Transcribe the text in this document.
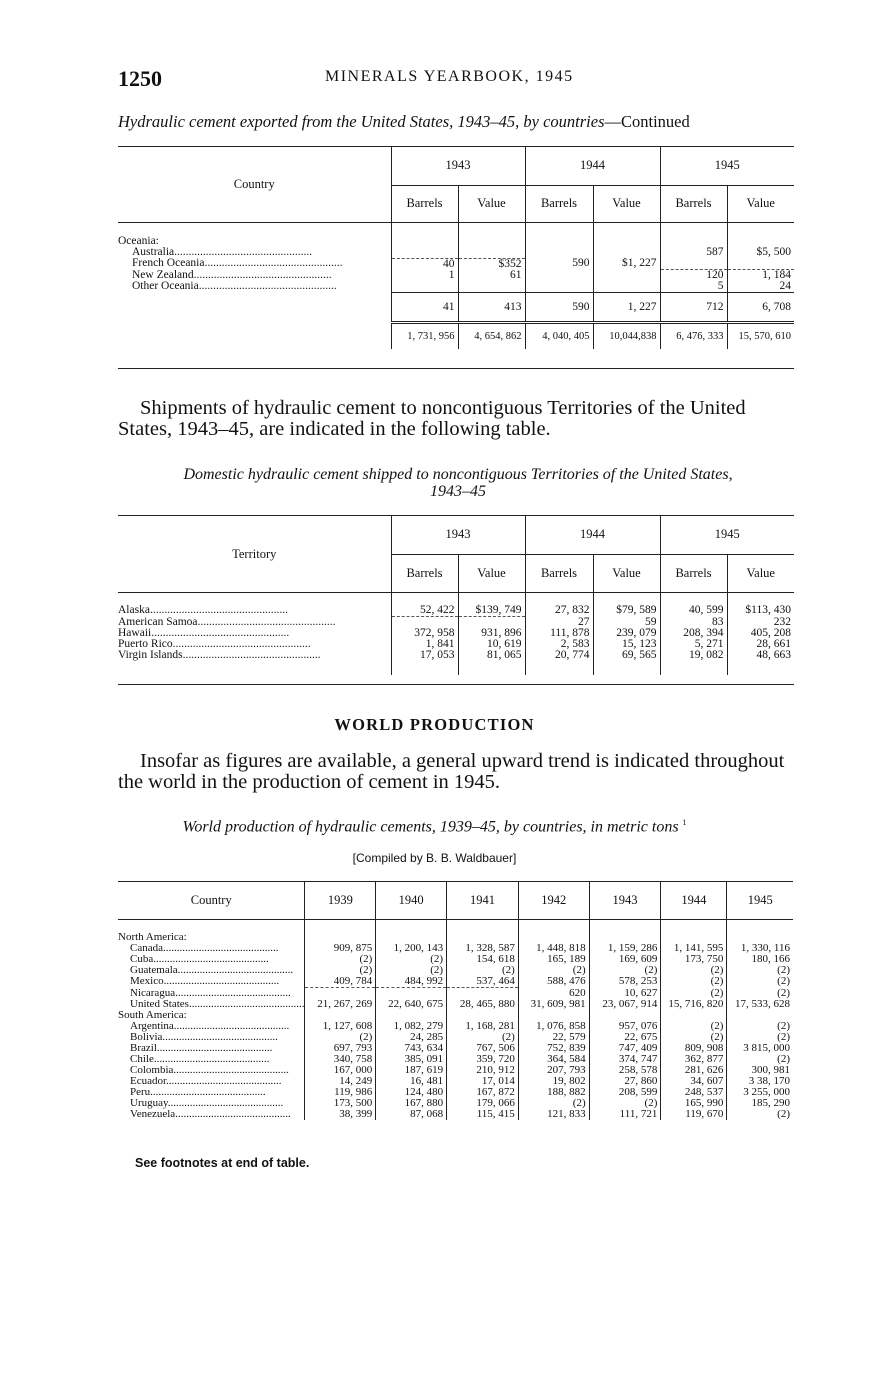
1250	MINERALS YEARBOOK, 1945
Hydraulic cement exported from the United States, 1943–45, by countries—Continued
Country	1943		1944		1945	
	Barrels	Value	Barrels	Value	Barrels	Value
Oceania:						
Australia................................................					587	$5, 500
French Oceania................................................	40	$352	590	$1, 227		
New Zealand................................................	1	61			120	1, 184
Other Oceania................................................					5	24
	41	413	590	1, 227	712	6, 708
	1, 731, 956	4, 654, 862	4, 040, 405	10,044,838	6, 476, 333	15, 570, 610
Shipments of hydraulic cement to noncontiguous Territories of the United States, 1943–45, are indicated in the following table.
Domestic hydraulic cement shipped to noncontiguous Territories of the United States,
1943–45
Territory	1943		1944		1945	
	Barrels	Value	Barrels	Value	Barrels	Value
Alaska................................................	52, 422	$139, 749	27, 832	$79, 589	40, 599	$113, 430
American Samoa................................................			27	59	83	232
Hawaii................................................	372, 958	931, 896	111, 878	239, 079	208, 394	405, 208
Puerto Rico................................................	1, 841	10, 619	2, 583	15, 123	5, 271	28, 661
Virgin Islands................................................	17, 053	81, 065	20, 774	69, 565	19, 082	48, 663
WORLD PRODUCTION
Insofar as figures are available, a general upward trend is indicated throughout the world in the production of cement in 1945.
World production of hydraulic cements, 1939–45, by countries, in metric tons $^1$
[Compiled by B. B. Waldbauer]
Country	1939	1940	1941	1942	1943	1944	1945
North America:							
Canada..........................................	909, 875	1, 200, 143	1, 328, 587	1, 448, 818	1, 159, 286	1, 141, 595	1, 330, 116
Cuba..........................................	(2)	(2)	154, 618	165, 189	169, 609	173, 750	180, 166
Guatemala..........................................	(2)	(2)	(2)	(2)	(2)	(2)	(2)
Mexico..........................................	409, 784	484, 992	537, 464	588, 476	578, 253	(2)	(2)
Nicaragua..........................................				620	10, 627	(2)	(2)
United States..........................................	21, 267, 269	22, 640, 675	28, 465, 880	31, 609, 981	23, 067, 914	15, 716, 820	17, 533, 628
South America:							
Argentina..........................................	1, 127, 608	1, 082, 279	1, 168, 281	1, 076, 858	957, 076	(2)	(2)
Bolivia..........................................	(2)	24, 285	(2)	22, 579	22, 675	(2)	(2)
Brazil..........................................	697, 793	743, 634	767, 506	752, 839	747, 409	809, 908	3 815, 000
Chile..........................................	340, 758	385, 091	359, 720	364, 584	374, 747	362, 877	(2)
Colombia..........................................	167, 000	187, 619	210, 912	207, 793	258, 578	281, 626	300, 981
Ecuador..........................................	14, 249	16, 481	17, 014	19, 802	27, 860	34, 607	3 38, 170
Peru..........................................	119, 986	124, 480	167, 872	188, 882	208, 599	248, 537	3 255, 000
Uruguay..........................................	173, 500	167, 880	179, 066	(2)	(2)	165, 990	185, 290
Venezuela..........................................	38, 399	87, 068	115, 415	121, 833	111, 721	119, 670	(2)
See footnotes at end of table.
